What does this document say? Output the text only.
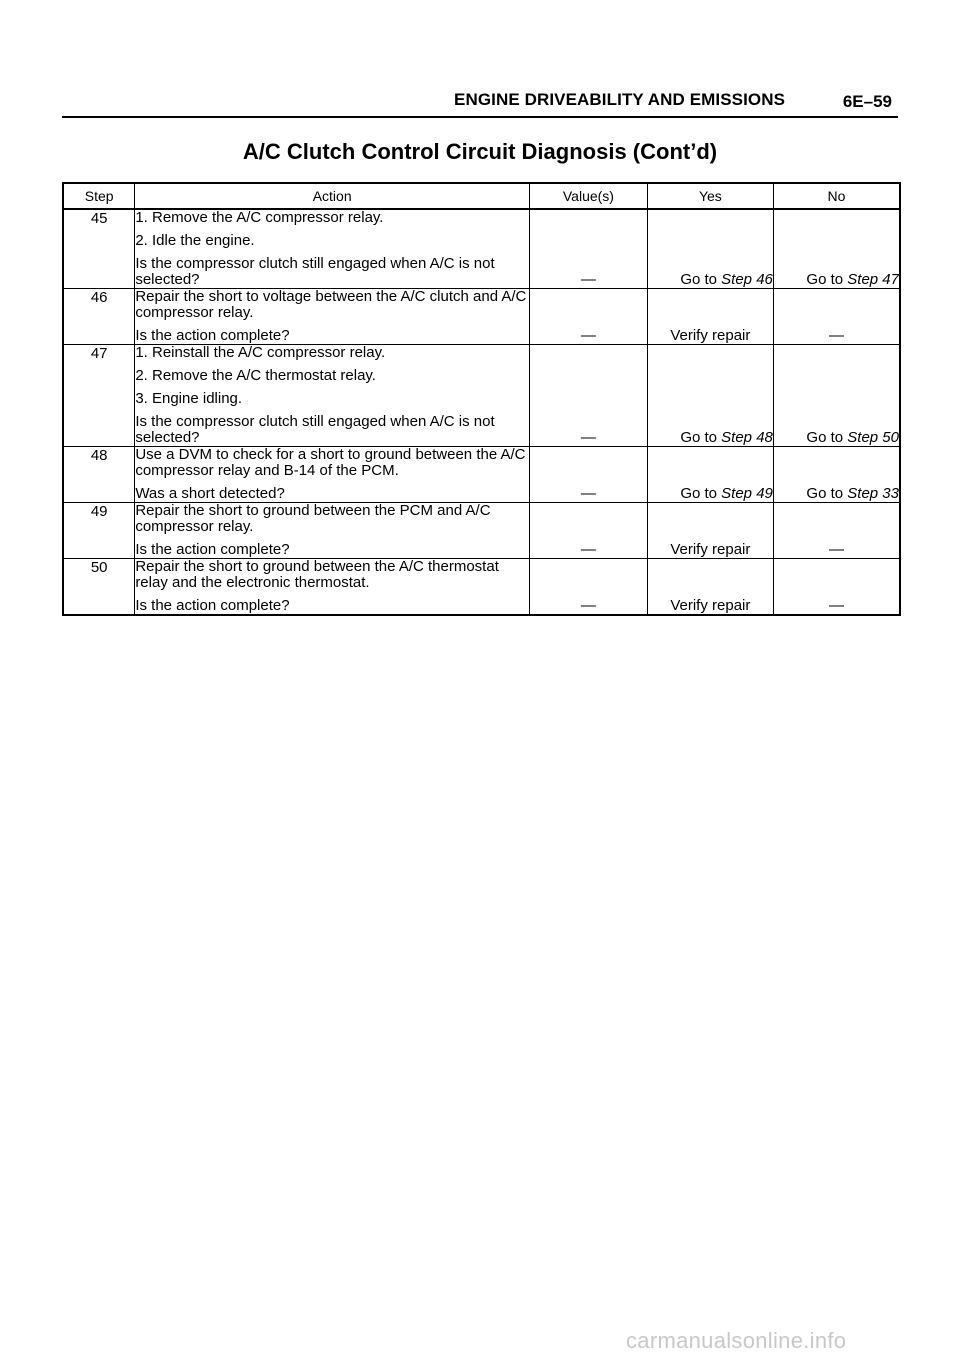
ENGINE DRIVEABILITY AND EMISSIONS	6E–59
A/C Clutch Control Circuit Diagnosis (Cont’d)
Step	Action	Value(s)	Yes	No
45	1. Remove the A/C compressor relay.
2. Idle the engine.
Is the compressor clutch still engaged when A/C is not selected?	—	Go to Step 46	Go to Step 47
46	Repair the short to voltage between the A/C clutch and A/C compressor relay.
Is the action complete?	—	Verify repair	—
47	1. Reinstall the A/C compressor relay.
2. Remove the A/C thermostat relay.
3. Engine idling.
Is the compressor clutch still engaged when A/C is not selected?	—	Go to Step 48	Go to Step 50
48	Use a DVM to check for a short to ground between the A/C compressor relay and B-14 of the PCM.
Was a short detected?	—	Go to Step 49	Go to Step 33
49	Repair the short to ground between the PCM and A/C compressor relay.
Is the action complete?	—	Verify repair	—
50	Repair the short to ground between the A/C thermostat relay and the electronic thermostat.
Is the action complete?	—	Verify repair	—
carmanualsonline.info
